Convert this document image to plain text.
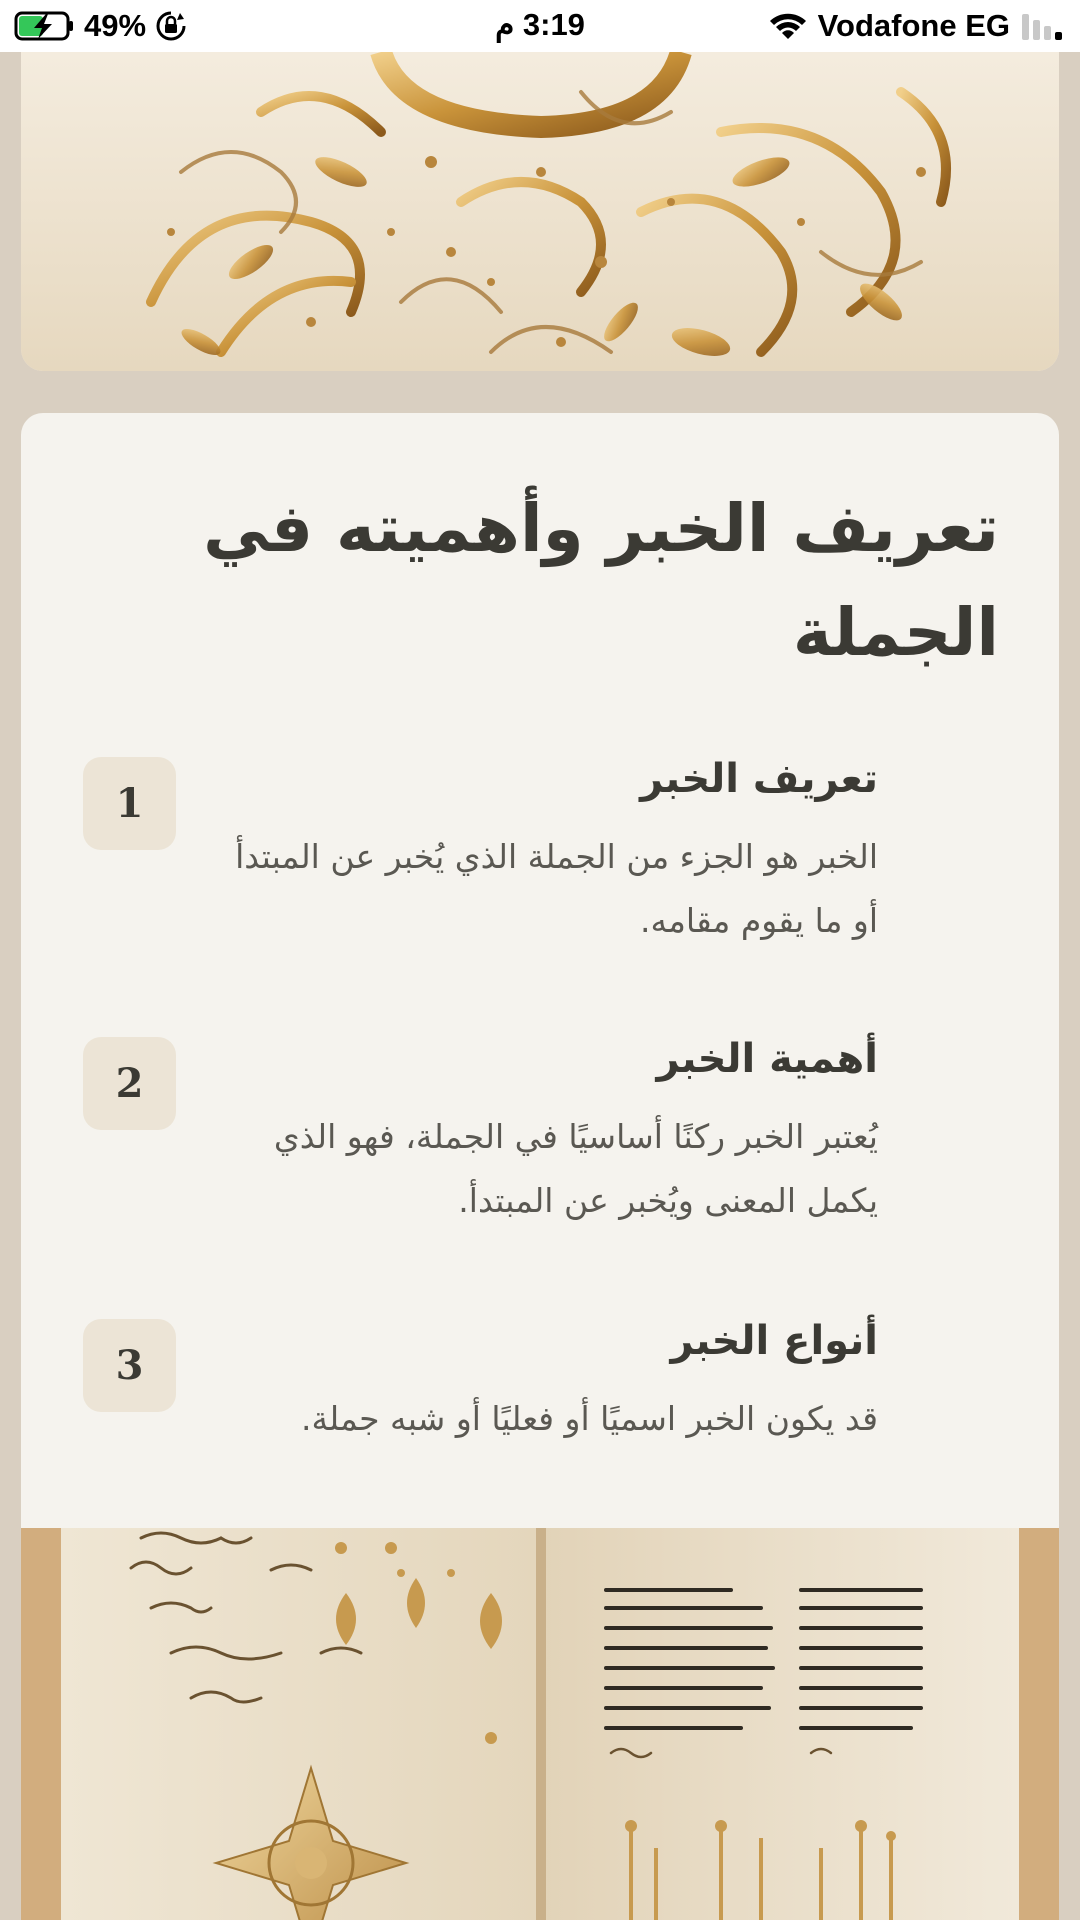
49%	3:19 م	Vodafone EG
تعريف الخبر وأهميته في الجملة
1
تعريف الخبر
الخبر هو الجزء من الجملة الذي يُخبر عن المبتدأ أو ما يقوم مقامه.
2
أهمية الخبر
يُعتبر الخبر ركنًا أساسيًا في الجملة، فهو الذي يكمل المعنى ويُخبر عن المبتدأ.
3
أنواع الخبر
قد يكون الخبر اسميًا أو فعليًا أو شبه جملة.
